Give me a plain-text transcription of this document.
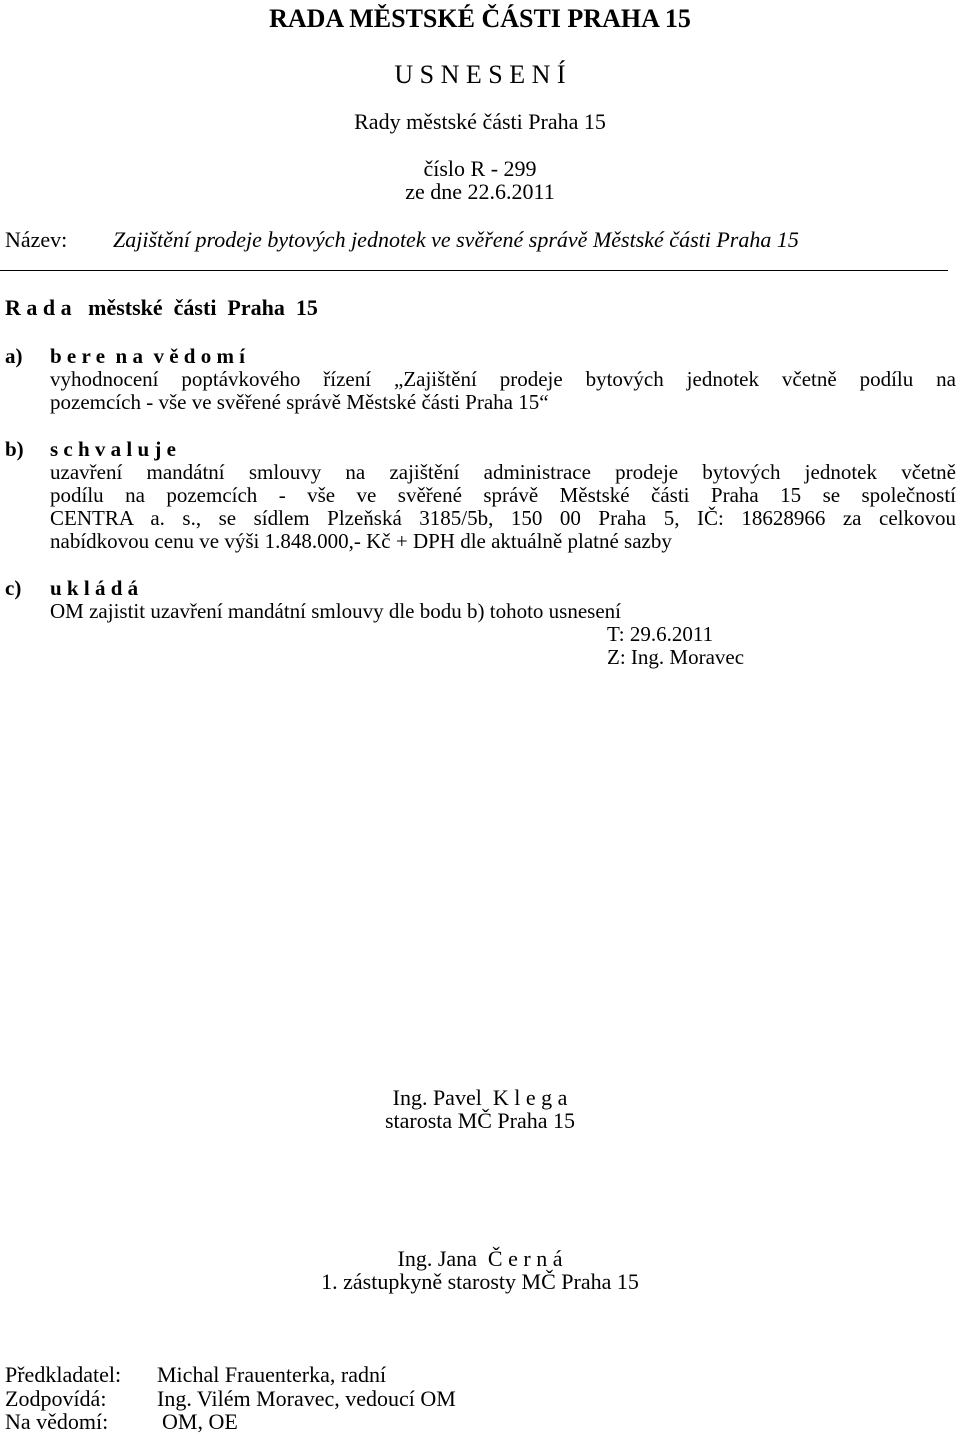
RADA MĚSTSKÉ ČÁSTI PRAHA 15
U S N E S E N Í
Rady městské části Praha 15
číslo R - 299
ze dne 22.6.2011
Název: Zajištění prodeje bytových jednotek ve svěřené správě Městské části Praha 15
R a d a   městské  části  Praha  15
a) b e r e  n a  v ě d o m í
vyhodnocení poptávkového řízení „Zajištění prodeje bytových jednotek včetně podílu na
pozemcích - vše ve svěřené správě Městské části Praha 15“
b) s c h v a l u j e
uzavření mandátní smlouvy na zajištění administrace prodeje bytových jednotek včetně
podílu na pozemcích - vše ve svěřené správě Městské části Praha 15 se společností
CENTRA a. s., se sídlem Plzeňská 3185/5b, 150 00 Praha 5, IČ: 18628966 za celkovou
nabídkovou cenu ve výši 1.848.000,- Kč + DPH dle aktuálně platné sazby
c) u k l á d á
OM zajistit uzavření mandátní smlouvy dle bodu b) tohoto usnesení
T: 29.6.2011
Z: Ing. Moravec
Ing. Pavel  K l e g a
starosta MČ Praha 15
Ing. Jana  Č e r n á
1. zástupkyně starosty MČ Praha 15
Předkladatel: Michal Frauenterka, radní
Zodpovídá: Ing. Vilém Moravec, vedoucí OM
Na vědomí: OM, OE
